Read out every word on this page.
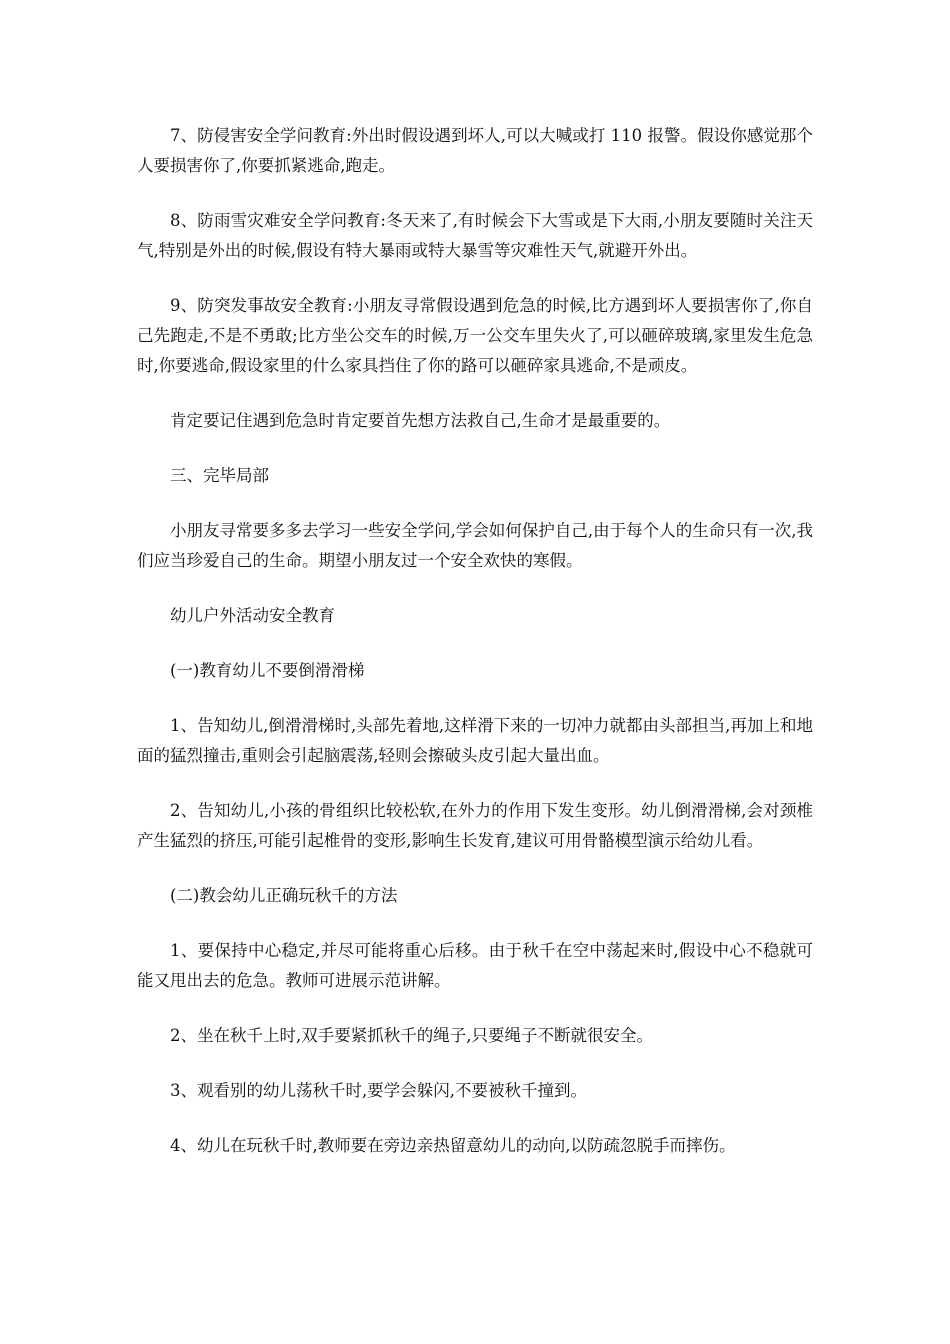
7、防侵害安全学问教育:外出时假设遇到坏人,可以大喊或打 110 报警。假设你感觉那个人要损害你了,你要抓紧逃命,跑走。

8、防雨雪灾难安全学问教育:冬天来了,有时候会下大雪或是下大雨,小朋友要随时关注天气,特别是外出的时候,假设有特大暴雨或特大暴雪等灾难性天气,就避开外出。

9、防突发事故安全教育:小朋友寻常假设遇到危急的时候,比方遇到坏人要损害你了,你自己先跑走,不是不勇敢;比方坐公交车的时候,万一公交车里失火了,可以砸碎玻璃,家里发生危急时,你要逃命,假设家里的什么家具挡住了你的路可以砸碎家具逃命,不是顽皮。

肯定要记住遇到危急时肯定要首先想方法救自己,生命才是最重要的。

三、完毕局部

小朋友寻常要多多去学习一些安全学问,学会如何保护自己,由于每个人的生命只有一次,我们应当珍爱自己的生命。期望小朋友过一个安全欢快的寒假。

幼儿户外活动安全教育

(一)教育幼儿不要倒滑滑梯

1、告知幼儿,倒滑滑梯时,头部先着地,这样滑下来的一切冲力就都由头部担当,再加上和地面的猛烈撞击,重则会引起脑震荡,轻则会擦破头皮引起大量出血。

2、告知幼儿,小孩的骨组织比较松软,在外力的作用下发生变形。幼儿倒滑滑梯,会对颈椎产生猛烈的挤压,可能引起椎骨的变形,影响生长发育,建议可用骨骼模型演示给幼儿看。

(二)教会幼儿正确玩秋千的方法

1、要保持中心稳定,并尽可能将重心后移。由于秋千在空中荡起来时,假设中心不稳就可能又甩出去的危急。教师可进展示范讲解。

2、坐在秋千上时,双手要紧抓秋千的绳子,只要绳子不断就很安全。

3、观看别的幼儿荡秋千时,要学会躲闪,不要被秋千撞到。

4、幼儿在玩秋千时,教师要在旁边亲热留意幼儿的动向,以防疏忽脱手而摔伤。
